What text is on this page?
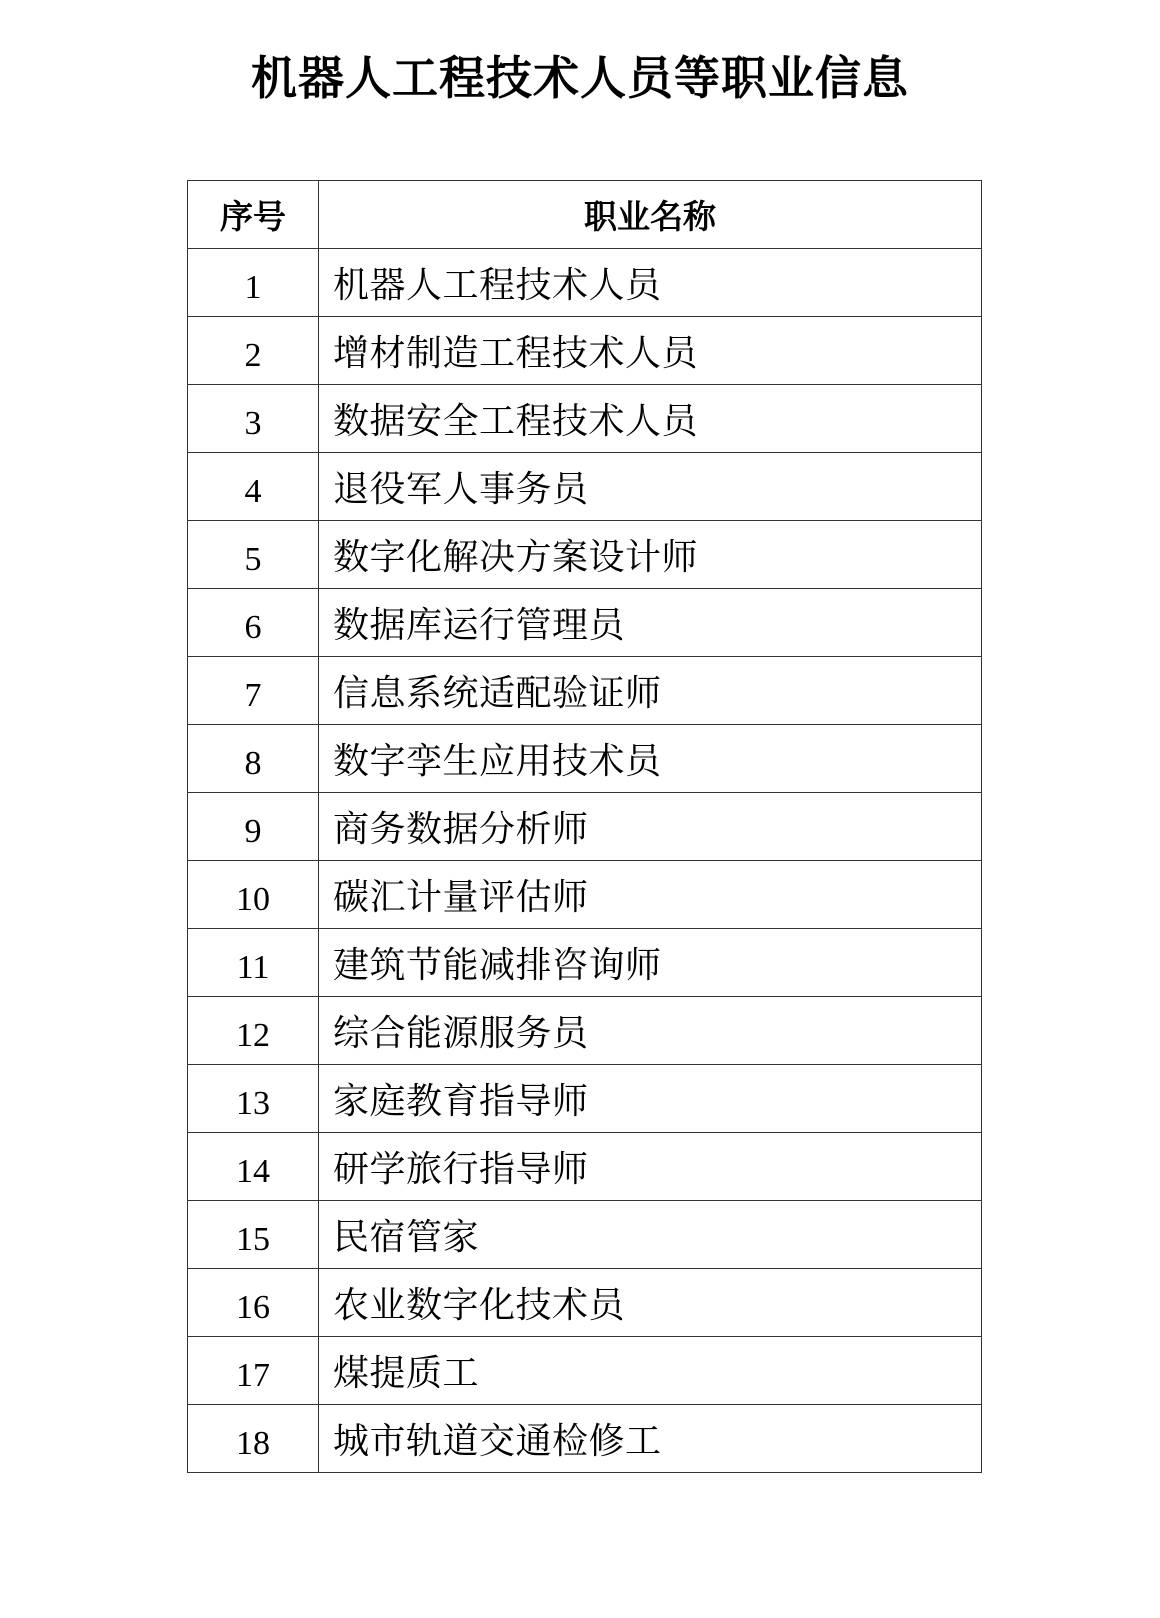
机器人工程技术人员等职业信息
序号	职业名称
1	机器人工程技术人员
2	增材制造工程技术人员
3	数据安全工程技术人员
4	退役军人事务员
5	数字化解决方案设计师
6	数据库运行管理员
7	信息系统适配验证师
8	数字孪生应用技术员
9	商务数据分析师
10	碳汇计量评估师
11	建筑节能减排咨询师
12	综合能源服务员
13	家庭教育指导师
14	研学旅行指导师
15	民宿管家
16	农业数字化技术员
17	煤提质工
18	城市轨道交通检修工
